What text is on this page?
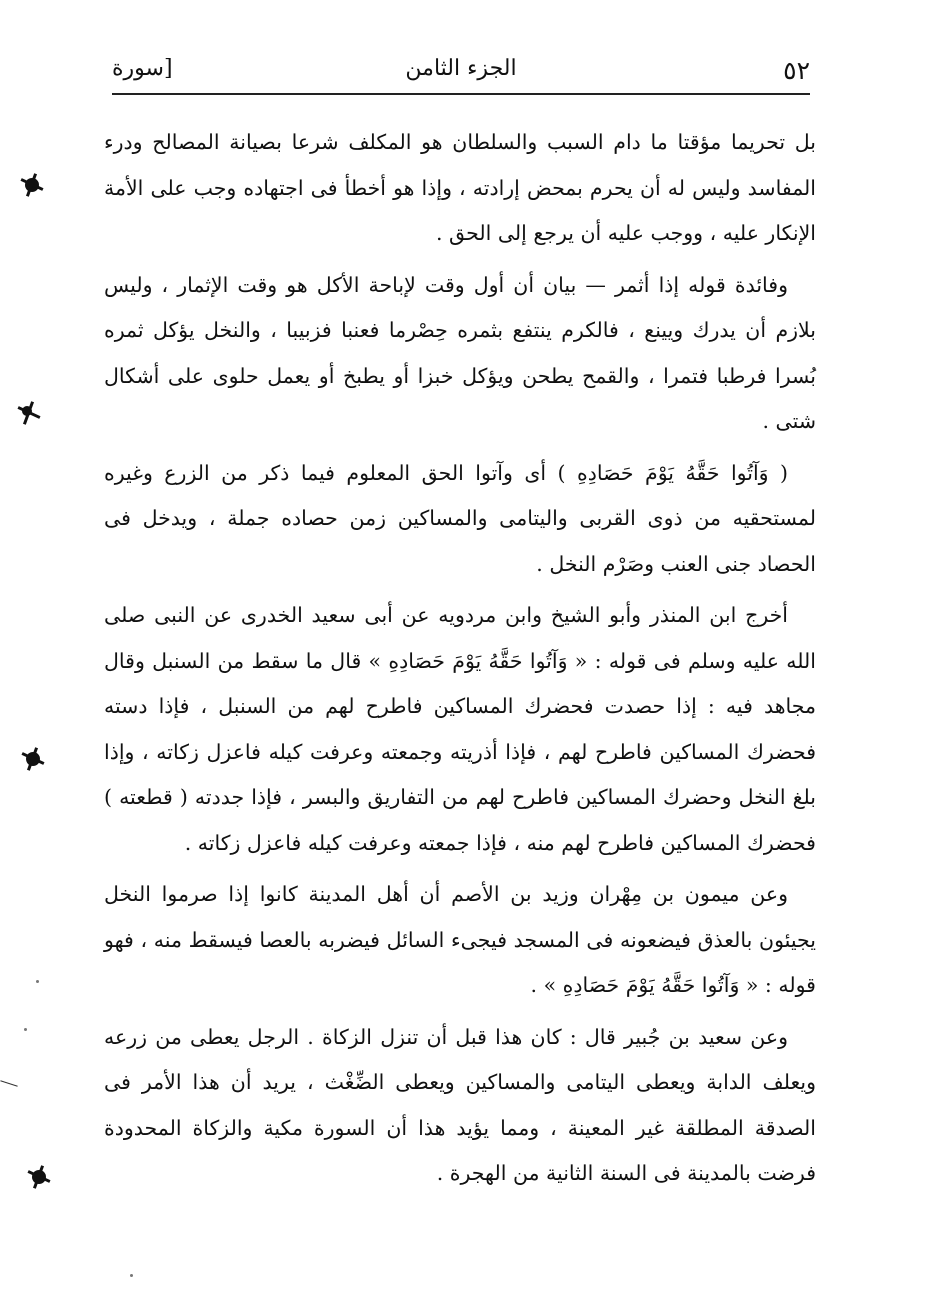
٥٢
الجزء الثامن
[سورة

بل تحريما مؤقتا ما دام السبب والسلطان هو المكلف شرعا بصيانة المصالح ودرء المفاسد وليس له أن يحرم بمحض إرادته ، وإذا هو أخطأ فى اجتهاده وجب على الأمة الإنكار عليه ، ووجب عليه أن يرجع إلى الحق .

وفائدة قوله إذا أثمر — بيان أن أول وقت لإباحة الأكل هو وقت الإثمار ، وليس بلازم أن يدرك ويينع ، فالكرم ينتفع بثمره حِصْرما فعنبا فزبيبا ، والنخل يؤكل ثمره بُسرا فرطبا فتمرا ، والقمح يطحن ويؤكل خبزا أو يطبخ أو يعمل حلوى على أشكال شتى .

( وَآتُوا حَقَّهُ يَوْمَ حَصَادِهِ ) أى وآتوا الحق المعلوم فيما ذكر من الزرع وغيره لمستحقيه من ذوى القربى واليتامى والمساكين زمن حصاده جملة ، ويدخل فى الحصاد جنى العنب وصَرْم النخل .

أخرج ابن المنذر وأبو الشيخ وابن مردويه عن أبى سعيد الخدرى عن النبى صلى الله عليه وسلم فى قوله : « وَآتُوا حَقَّهُ يَوْمَ حَصَادِهِ » قال ما سقط من السنبل وقال مجاهد فيه : إذا حصدت فحضرك المساكين فاطرح لهم من السنبل ، فإذا دسته فحضرك المساكين فاطرح لهم ، فإذا أذريته وجمعته وعرفت كيله فاعزل زكاته ، وإذا بلغ النخل وحضرك المساكين فاطرح لهم من التفاريق والبسر ، فإذا جددته ( قطعته ) فحضرك المساكين فاطرح لهم منه ، فإذا جمعته وعرفت كيله فاعزل زكاته .

وعن ميمون بن مِهْران وزيد بن الأصم أن أهل المدينة كانوا إذا صرموا النخل يجيئون بالعذق فيضعونه فى المسجد فيجىء السائل فيضربه بالعصا فيسقط منه ، فهو قوله : « وَآتُوا حَقَّهُ يَوْمَ حَصَادِهِ » .

وعن سعيد بن جُبير قال : كان هذا قبل أن تنزل الزكاة . الرجل يعطى من زرعه ويعلف الدابة ويعطى اليتامى والمساكين ويعطى الضِّغْث ، يريد أن هذا الأمر فى الصدقة المطلقة غير المعينة ، ومما يؤيد هذا أن السورة مكية والزكاة المحدودة فرضت بالمدينة فى السنة الثانية من الهجرة .
